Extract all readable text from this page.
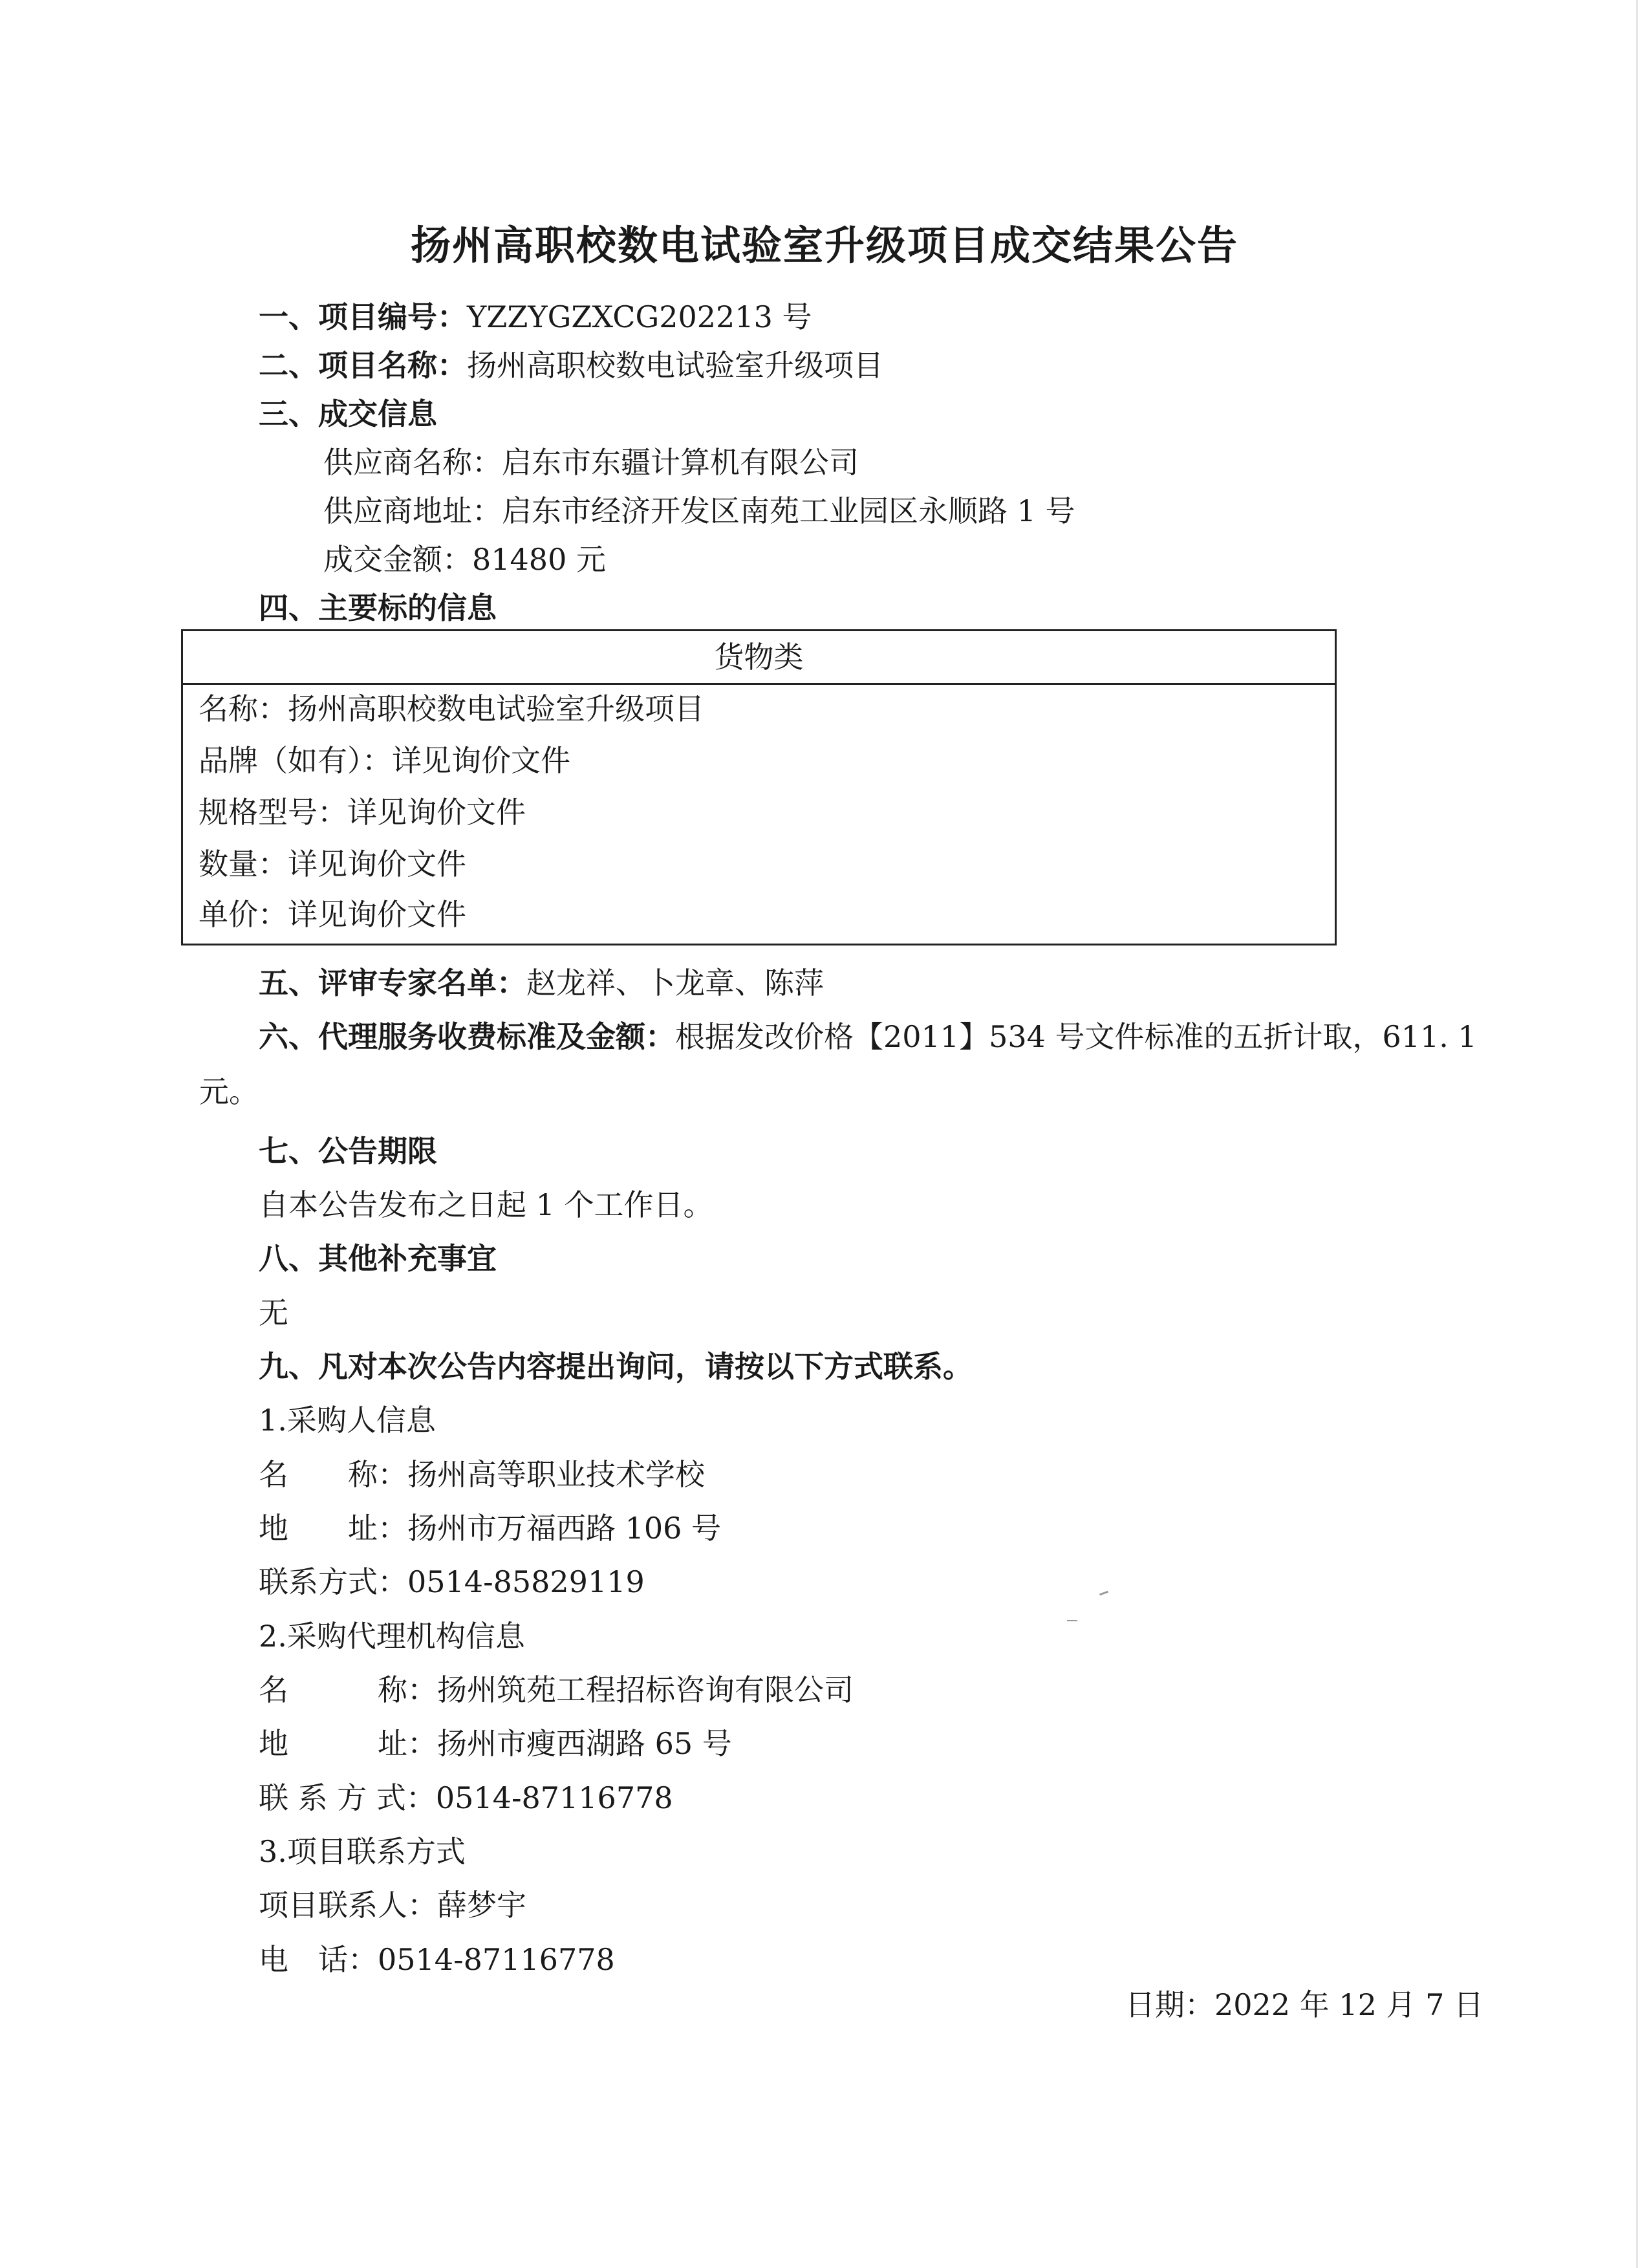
扬州高职校数电试验室升级项目成交结果公告
一、项目编号：YZZYGZXCG202213 号
二、项目名称：扬州高职校数电试验室升级项目
三、成交信息
供应商名称：启东市东疆计算机有限公司
供应商地址：启东市经济开发区南苑工业园区永顺路 1 号
成交金额：81480 元
四、主要标的信息
货物类
名称：扬州高职校数电试验室升级项目
品牌（如有）：详见询价文件
规格型号：详见询价文件
数量：详见询价文件
单价：详见询价文件
五、评审专家名单：赵龙祥、卜龙章、陈萍
六、代理服务收费标准及金额：根据发改价格【2011】534 号文件标准的五折计取，611. 1
元。
七、公告期限
自本公告发布之日起 1 个工作日。
八、其他补充事宜
无
九、凡对本次公告内容提出询问，请按以下方式联系。
1.采购人信息
名　　称：扬州高等职业技术学校
地　　址：扬州市万福西路 106 号
联系方式：0514-85829119
2.采购代理机构信息
名　　　称：扬州筑苑工程招标咨询有限公司
地　　　址：扬州市瘦西湖路 65 号
联 系 方 式：0514-87116778
3.项目联系方式
项目联系人：薛梦宇
电　话：0514-87116778
日期：2022 年 12 月 7 日
